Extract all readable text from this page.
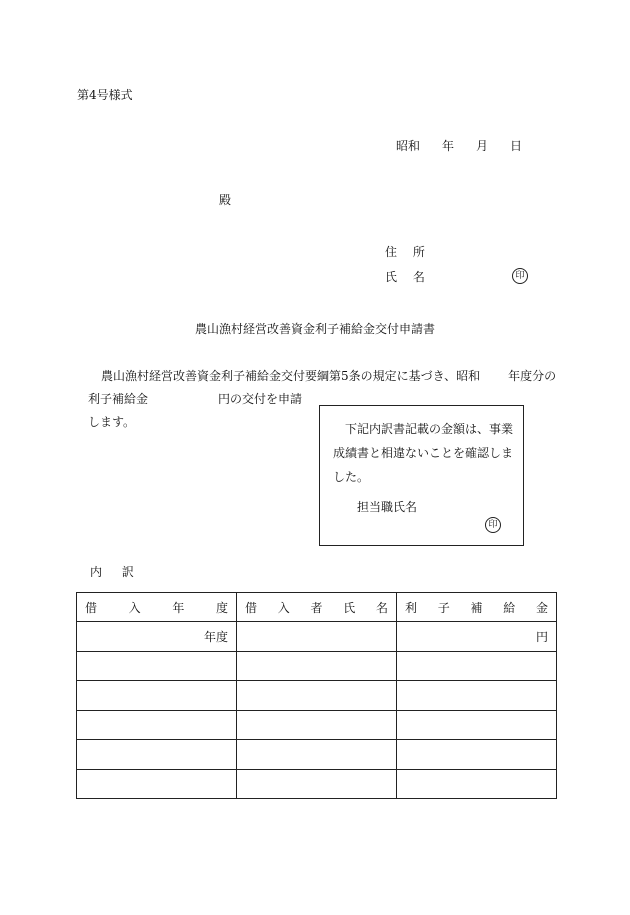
第4号様式
昭和 年 月 日
殿
住 所
氏 名	印
農山漁村経営改善資金利子補給金交付申請書
農山漁村経営改善資金利子補給金交付要綱第5条の規定に基づき、昭和 年度分の
利子補給金	円の交付を申請
します。	下記内訳書記載の金額は、事業
成績書と相違ないことを確認しま
した。
担当職氏名
印
内 訳
借 入 年 度	借 入 者 氏 名	利 子 補 給 金

年度		円
